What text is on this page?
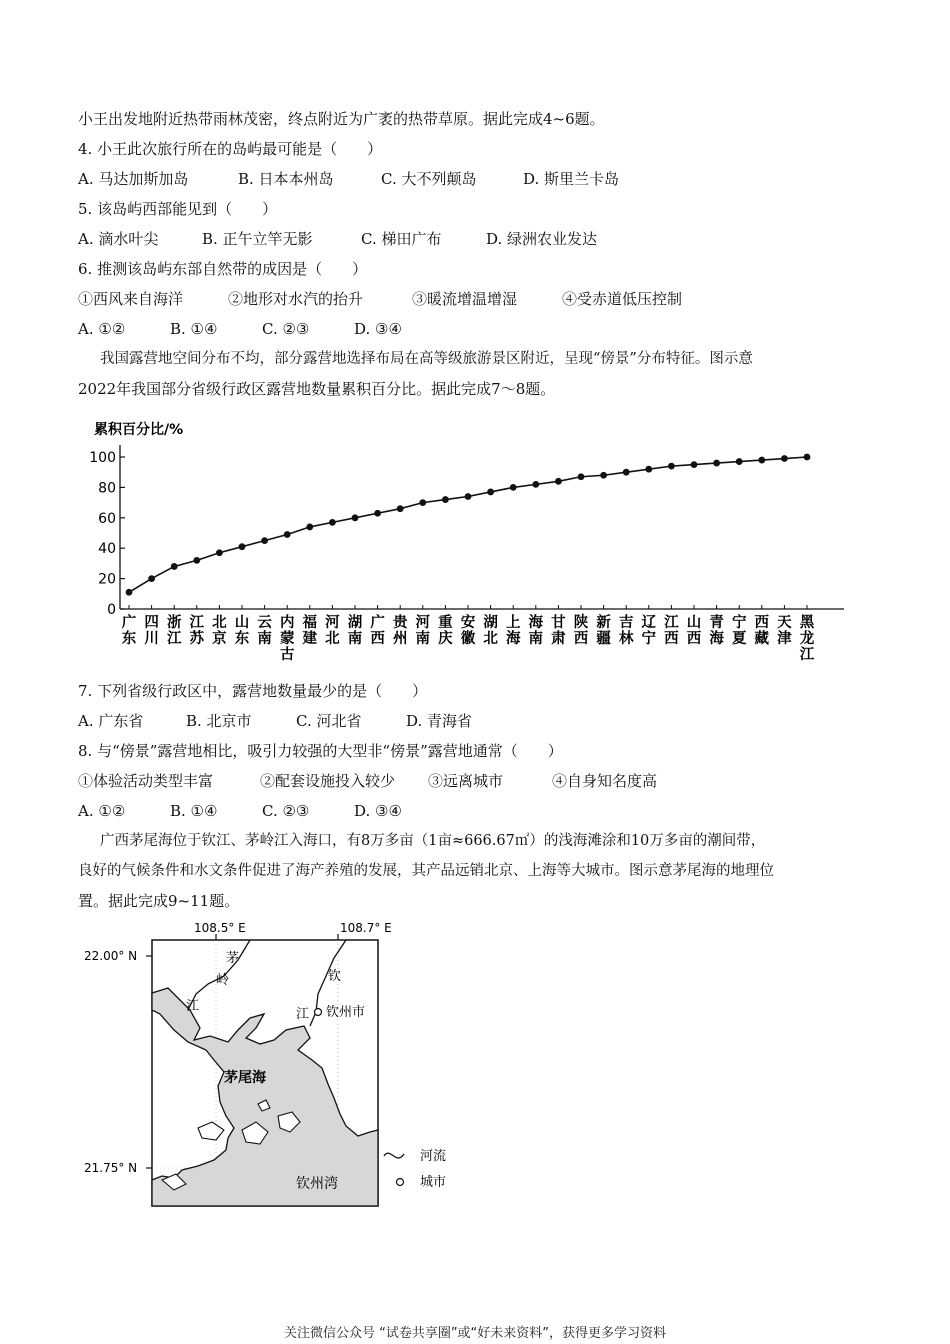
小王出发地附近热带雨林茂密，终点附近为广袤的热带草原。据此完成4~6题。
4. 小王此次旅行所在的岛屿最可能是（　　）
A. 马达加斯加岛	B. 日本本州岛	C. 大不列颠岛	D. 斯里兰卡岛
5. 该岛屿西部能见到（　　）
A. 滴水叶尖	B. 正午立竿无影	C. 梯田广布	D. 绿洲农业发达
6. 推测该岛屿东部自然带的成因是（　　）
①西风来自海洋	②地形对水汽的抬升	③暖流增温增湿	④受赤道低压控制
A. ①②	B. ①④	C. ②③	D. ③④
我国露营地空间分布不均，部分露营地选择布局在高等级旅游景区附近，呈现“傍景”分布特征。图示意
2022年我国部分省级行政区露营地数量累积百分比。据此完成7～8题。
累积百分比/%
0
20
40
60
80
100
广东
四川
浙江
江苏
北京
山东
云南
内蒙古
福建
河北
湖南
广西
贵州
河南
重庆
安徽
湖北
上海
海南
甘肃
陕西
新疆
吉林
辽宁
江西
山西
青海
宁夏
西藏
天津
黑龙江
7. 下列省级行政区中，露营地数量最少的是（　　）
A. 广东省	B. 北京市	C. 河北省	D. 青海省
8. 与“傍景”露营地相比，吸引力较强的大型非“傍景”露营地通常（　　）
①体验活动类型丰富	②配套设施投入较少 ③远离城市	④自身知名度高
A. ①②	B. ①④	C. ②③	D. ③④
广西茅尾海位于钦江、茅岭江入海口，有8万多亩（1亩≈666.67㎡）的浅海滩涂和10万多亩的潮间带，
良好的气候条件和水文条件促进了海产养殖的发展，其产品远销北京、上海等大城市。图示意茅尾海的地理位
置。据此完成9~11题。
108.5° E	108.7° E
22.00° N
21.75° N
茅
岭
江
钦
江 钦州市
茅尾海
钦州湾
河流
城市
关注微信公众号 “试卷共享圈”或“好未来资料”，获得更多学习资料
